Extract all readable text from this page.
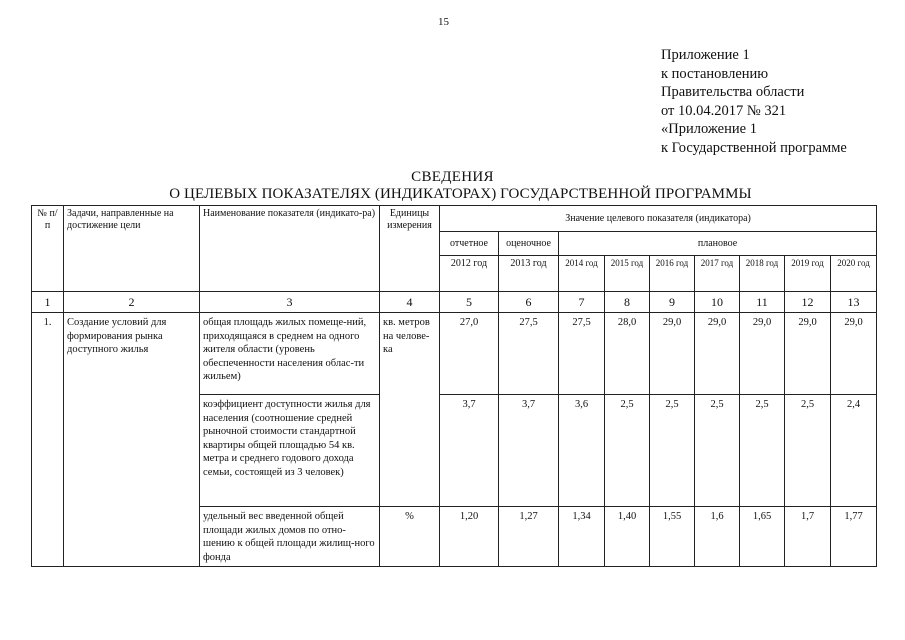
15
Приложение 1
к постановлению
Правительства области
от 10.04.2017 № 321
«Приложение 1
к Государственной программе
СВЕДЕНИЯ
О ЦЕЛЕВЫХ ПОКАЗАТЕЛЯХ (ИНДИКАТОРАХ) ГОСУДАРСТВЕННОЙ ПРОГРАММЫ
№ п/п	Задачи, направленные на достижение цели	Наименование показателя (индикато-ра)	Единицы измерения	Значение целевого показателя (индикатора)								
				отчетное	оценочное	плановое						
				2012 год	2013 год	2014 год	2015 год	2016 год	2017 год	2018 год	2019 год	2020 год
1	2	3	4	5	6	7	8	9	10	11	12	13
1.	Создание условий для формирования рынка доступного жилья	общая площадь жилых помеще-ний, приходящаяся в среднем на одного жителя области (уровень обеспеченности населения облас-ти жильем)	кв. метров на челове-ка	27,0	27,5	27,5	28,0	29,0	29,0	29,0	29,0	29,0
		коэффициент доступности жилья для населения (соотношение средней рыночной стоимости стандартной квартиры общей площадью 54 кв. метра и среднего годового дохода семьи, состоящей из 3 человек)		3,7	3,7	3,6	2,5	2,5	2,5	2,5	2,5	2,4
		удельный вес введенной общей площади жилых домов по отно-шению к общей площади жилищ-ного фонда	%	1,20	1,27	1,34	1,40	1,55	1,6	1,65	1,7	1,77
